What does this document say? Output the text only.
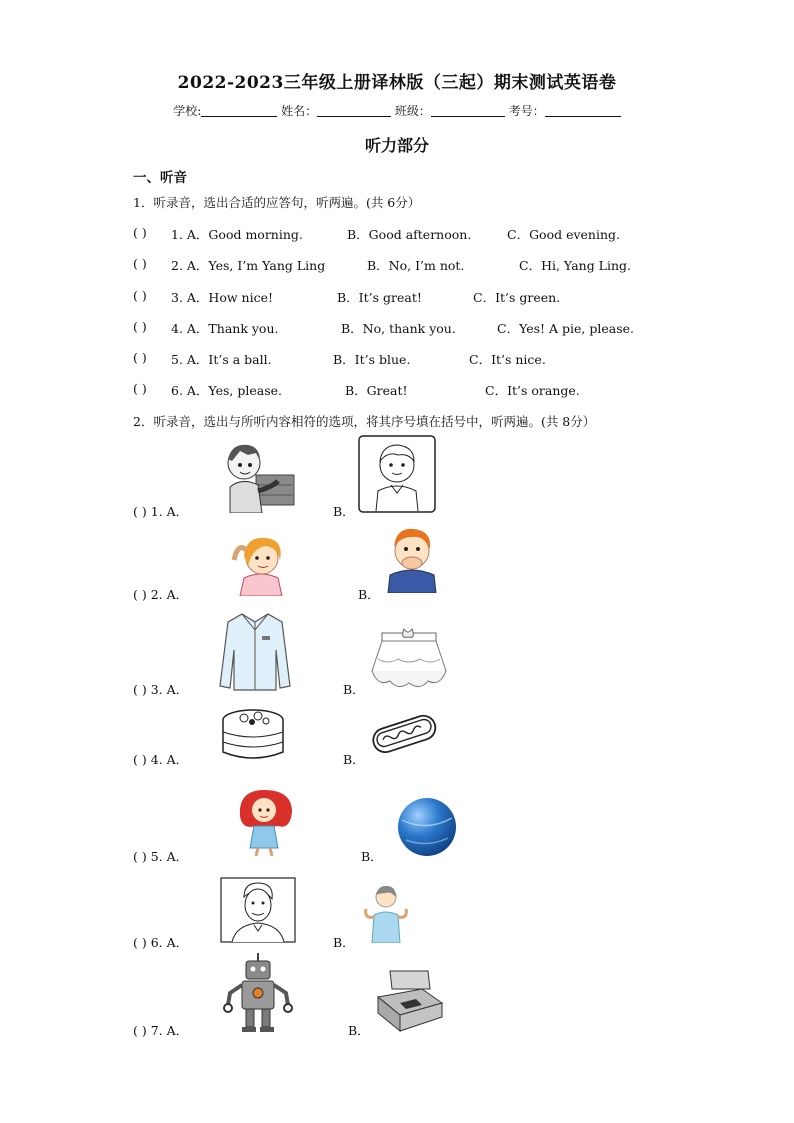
2022-2023三年级上册译林版（三起）期末测试英语卷
学校:	姓名：	班级：	考号：
听力部分
一、听音
1．听录音，选出合适的应答句，听两遍。(共 6分）
( ) 1. A．Good morning.	B．Good afternoon.	C．Good evening.
( ) 2. A．Yes, I’m Yang Ling	B．No, I’m not.	C．Hi, Yang Ling.
( ) 3. A．How nice!	B．It’s great!	C．It’s green.
( ) 4. A．Thank you.	B．No, thank you.	C．Yes! A pie, please.
( ) 5. A．It’s a ball.	B．It’s blue.	C．It’s nice.
( ) 6. A．Yes, please.	B．Great!	C．It’s orange.
2．听录音，选出与所听内容相符的选项，将其序号填在括号中，听两遍。(共 8分）
( ) 1. A．	B．
( ) 2. A．	B．
( ) 3. A．	B．
( ) 4. A．	B．
( ) 5. A．	B．
( ) 6. A．	B．
( ) 7. A．	B．
